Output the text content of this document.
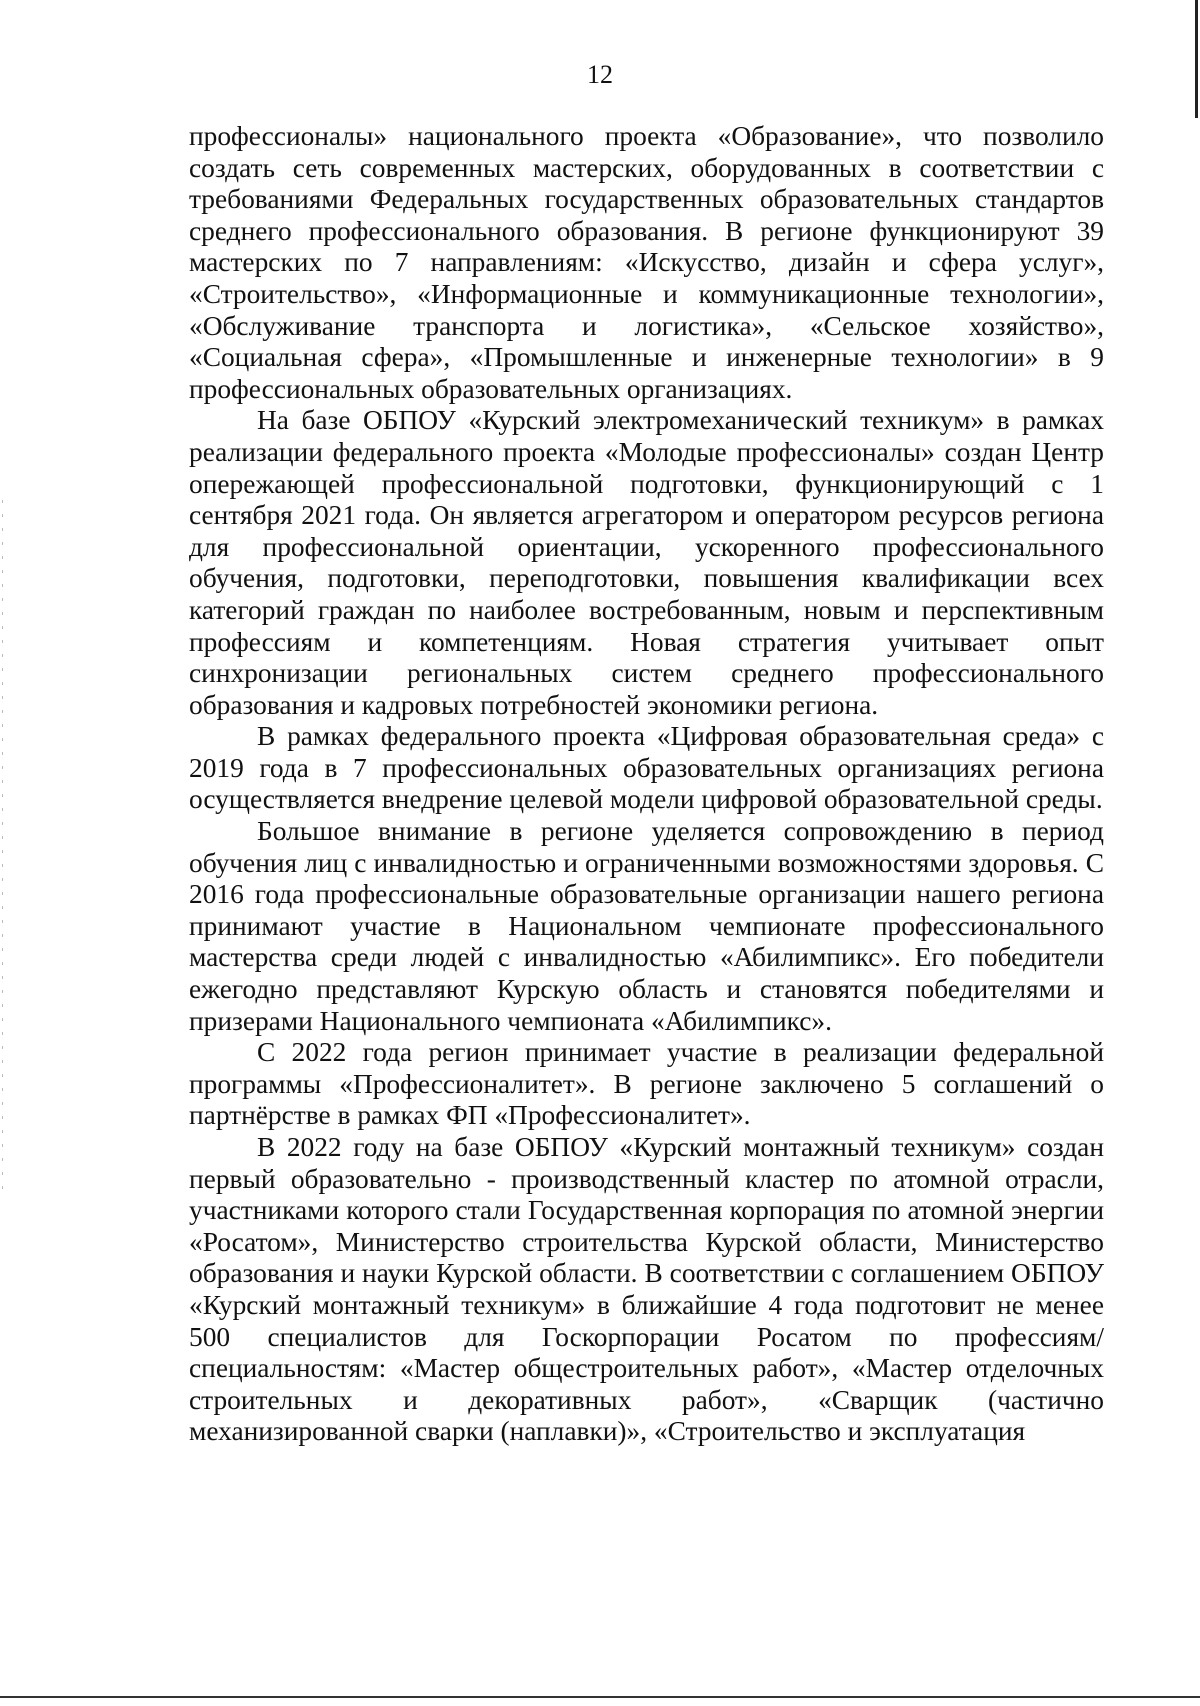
12

профессионалы» национального проекта «Образование», что позволило создать сеть современных мастерских, оборудованных в соответствии с требованиями Федеральных государственных образовательных стандартов среднего профессионального образования. В регионе функционируют 39 мастерских по 7 направлениям: «Искусство, дизайн и сфера услуг», «Строительство», «Информационные и коммуникационные технологии», «Обслуживание транспорта и логистика», «Сельское хозяйство», «Социальная сфера», «Промышленные и инженерные технологии» в 9 профессиональных образовательных организациях.

На базе ОБПОУ «Курский электромеханический техникум» в рамках реализации федерального проекта «Молодые профессионалы» создан Центр опережающей профессиональной подготовки, функционирующий с 1 сентября 2021 года. Он является агрегатором и оператором ресурсов региона для профессиональной ориентации, ускоренного профессионального обучения, подготовки, переподготовки, повышения квалификации всех категорий граждан по наиболее востребованным, новым и перспективным профессиям и компетенциям. Новая стратегия учитывает опыт синхронизации региональных систем среднего профессионального образования и кадровых потребностей экономики региона.

В рамках федерального проекта «Цифровая образовательная среда» с 2019 года в 7 профессиональных образовательных организациях региона осуществляется внедрение целевой модели цифровой образовательной среды.

Большое внимание в регионе уделяется сопровождению в период обучения лиц с инвалидностью и ограниченными возможностями здоровья. С 2016 года профессиональные образовательные организации нашего региона принимают участие в Национальном чемпионате профессионального мастерства среди людей с инвалидностью «Абилимпикс». Его победители ежегодно представляют Курскую область и становятся победителями и призерами Национального чемпионата «Абилимпикс».

С 2022 года регион принимает участие в реализации федеральной программы «Профессионалитет». В регионе заключено 5 соглашений о партнёрстве в рамках ФП «Профессионалитет».

В 2022 году на базе ОБПОУ «Курский монтажный техникум» создан первый образовательно - производственный кластер по атомной отрасли, участниками которого стали Государственная корпорация по атомной энергии «Росатом», Министерство строительства Курской области, Министерство образования и науки Курской области. В соответствии с соглашением ОБПОУ «Курский монтажный техникум» в ближайшие 4 года подготовит не менее 500 специалистов для Госкорпорации Росатом по профессиям/специальностям: «Мастер общестроительных работ», «Мастер отделочных строительных и декоративных работ», «Сварщик (частично механизированной сварки (наплавки)», «Строительство и эксплуатация
